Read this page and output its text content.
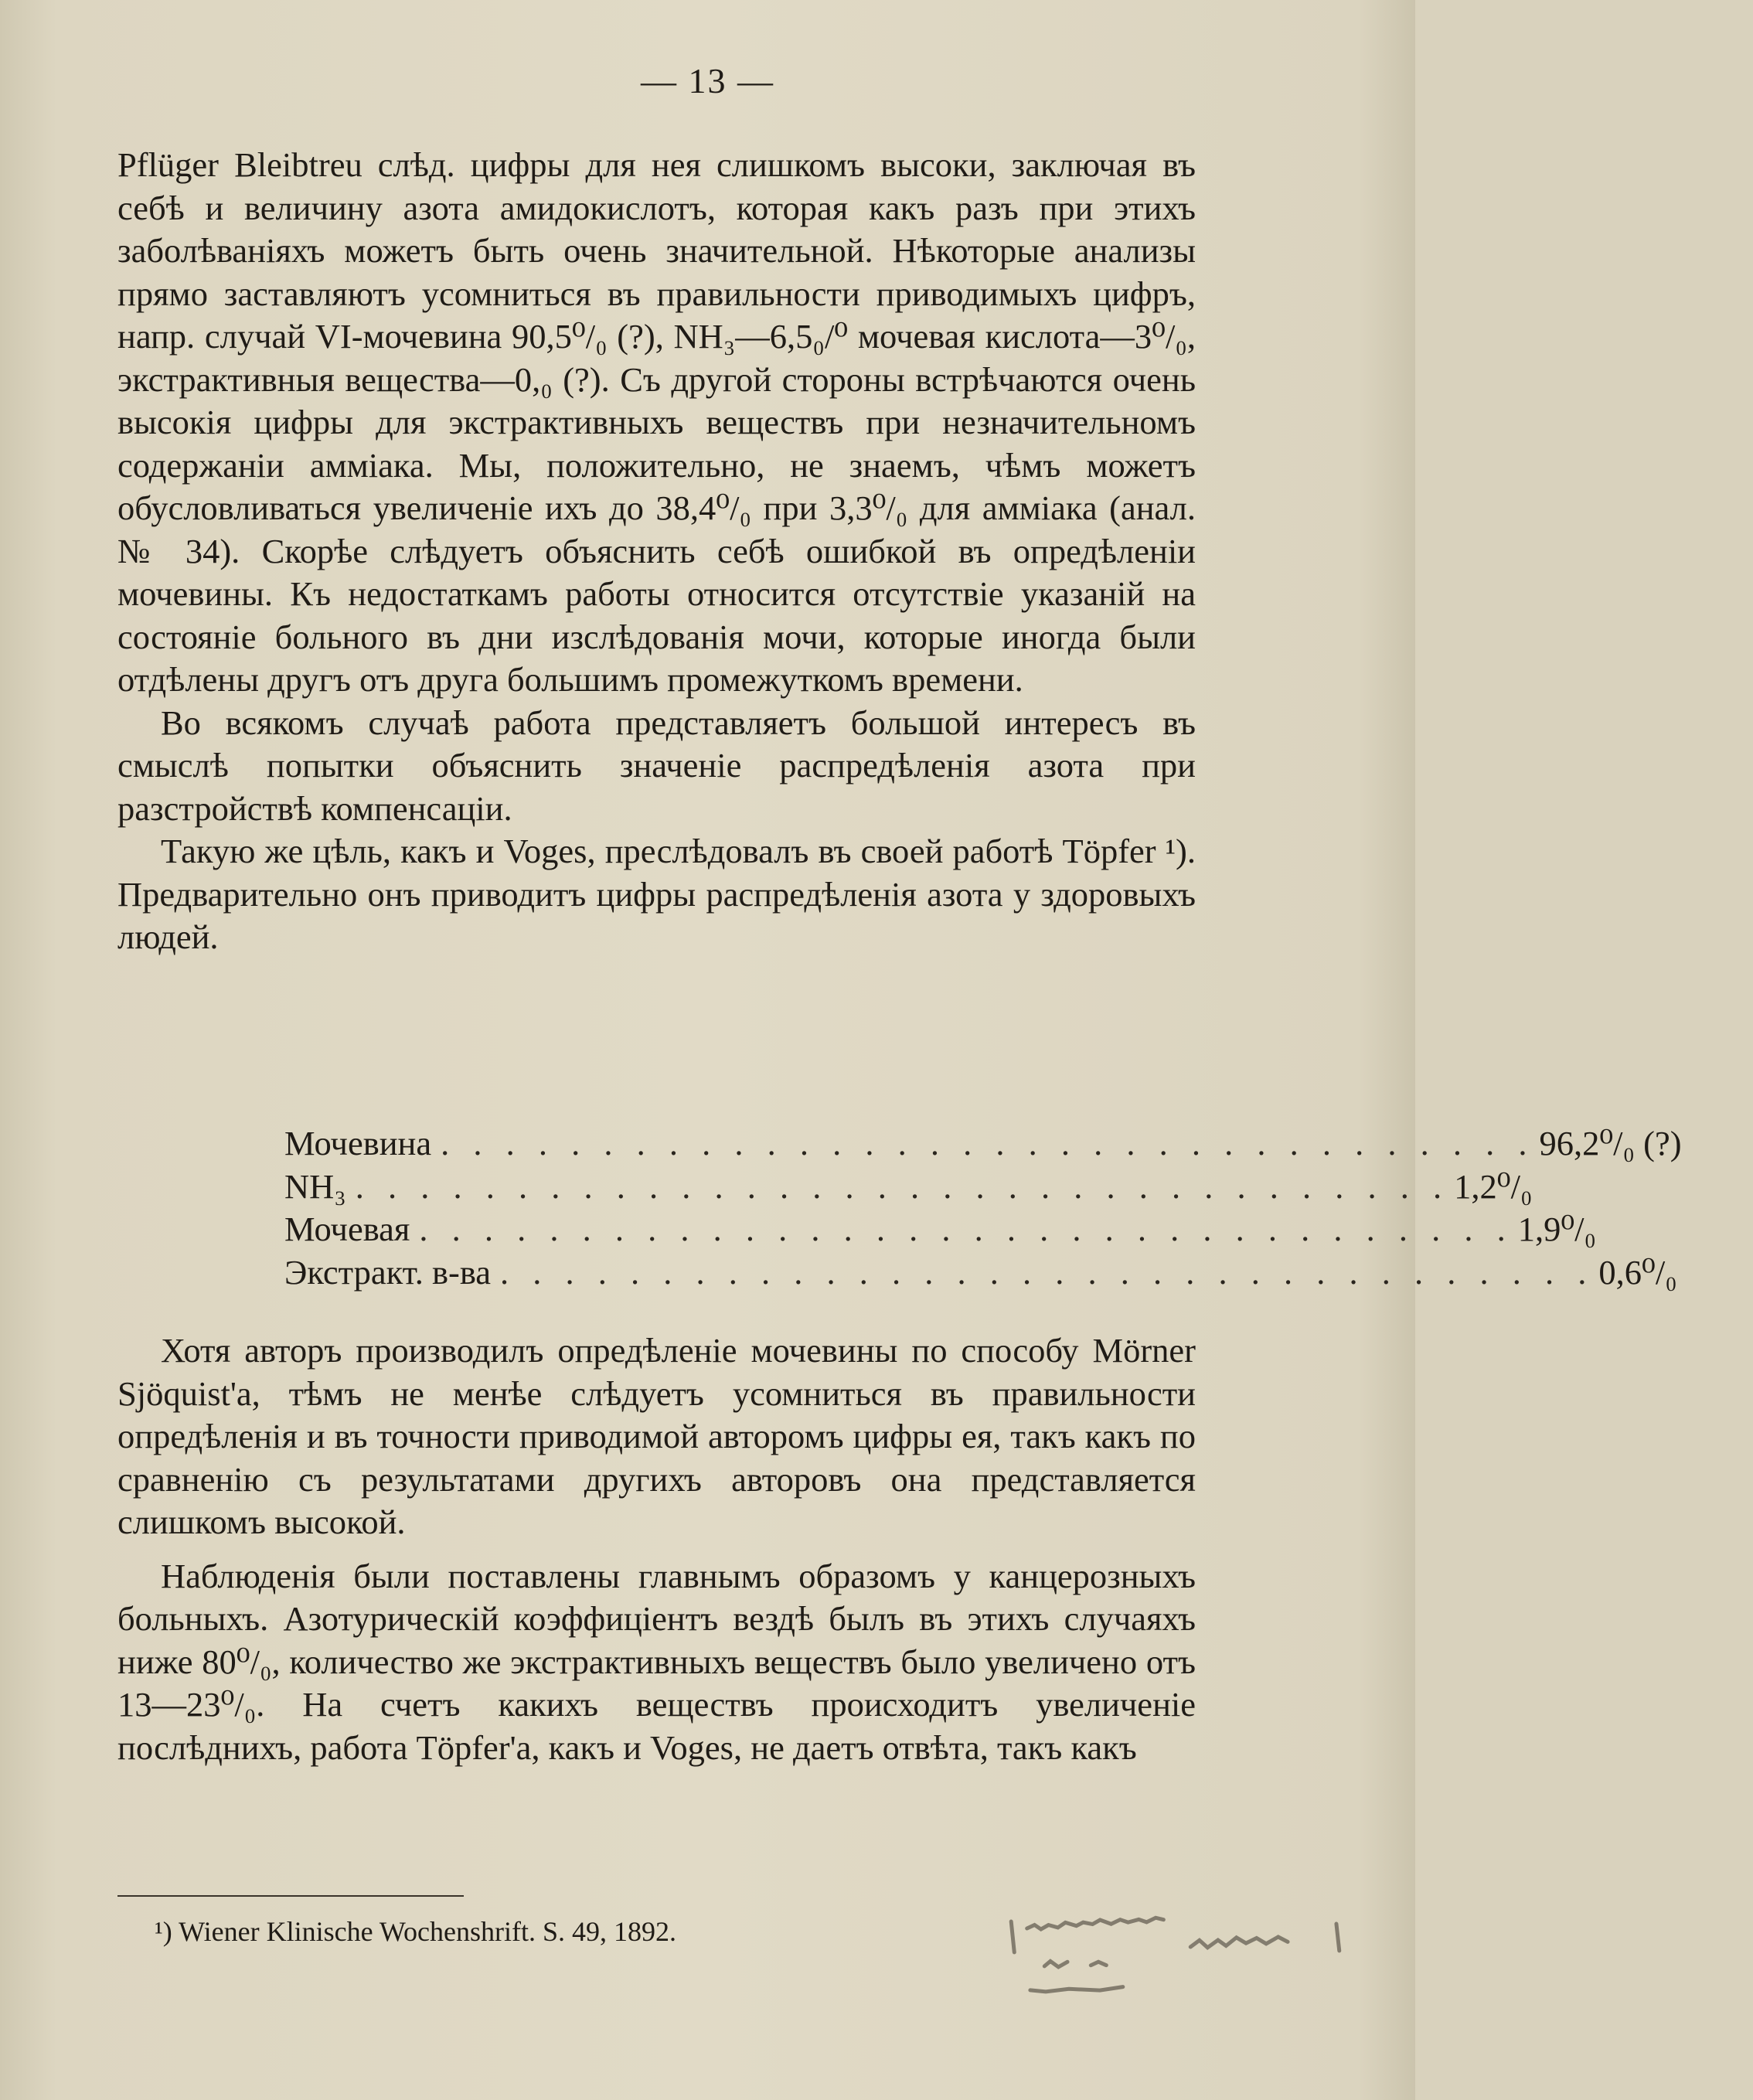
— 13 —

Pflüger Bleibtreu слѣд. цифры для нея слишкомъ высоки, заключая въ себѣ и величину азота амидокислотъ, которая какъ разъ при этихъ заболѣваніяхъ можетъ быть очень значительной. Нѣкоторые анализы прямо заставляютъ усомниться въ правильности приводимыхъ цифръ, напр. случай VI-мочевина 90,5⁰/₀ (?), NH₃—6,5₀/⁰ мочевая кислота—3⁰/₀, экстрактивныя вещества—0,₀ (?). Съ другой стороны встрѣчаются очень высокія цифры для экстрактивныхъ веществъ при незначительномъ содержаніи амміака. Мы, положительно, не знаемъ, чѣмъ можетъ обусловливаться увеличеніе ихъ до 38,4⁰/₀ при 3,3⁰/₀ для амміака (анал. № 34). Скорѣе слѣдуетъ объяснить себѣ ошибкой въ опредѣленіи мочевины. Къ недостаткамъ работы относится отсутствіе указаній на состояніе больного въ дни изслѣдованія мочи, которые иногда были отдѣлены другъ отъ друга большимъ промежуткомъ времени.

Во всякомъ случаѣ работа представляетъ большой интересъ въ смыслѣ попытки объяснить значеніе распредѣленія азота при разстройствѣ компенсаціи.

Такую же цѣль, какъ и Voges, преслѣдовалъ въ своей работѣ Töpfer ¹). Предварительно онъ приводитъ цифры распредѣленія азота у здоровыхъ людей.

Мочевина . . . . . . . . . . . . . . . . . . . . . . . . . . . . . . . . . . 96,2⁰/₀ (?)
NH₃ . . . . . . . . . . . . . . . . . . . . . . . . . . . . . . . . . . 1,2⁰/₀
Мочевая . . . . . . . . . . . . . . . . . . . . . . . . . . . . . . . . . . 1,9⁰/₀
Экстракт. в-ва . . . . . . . . . . . . . . . . . . . . . . . . . . . . . . . . . . 0,6⁰/₀

Хотя авторъ производилъ опредѣленіе мочевины по способу Mörner Sjöquist'а, тѣмъ не менѣе слѣдуетъ усомниться въ правильности опредѣленія и въ точности приводимой авторомъ цифры ея, такъ какъ по сравненію съ результатами другихъ авторовъ она представляется слишкомъ высокой.

Наблюденія были поставлены главнымъ образомъ у канцерозныхъ больныхъ. Азотурическій коэффиціентъ вездѣ былъ въ этихъ случаяхъ ниже 80⁰/₀, количество же экстрактивныхъ веществъ было увеличено отъ 13—23⁰/₀. На счетъ какихъ веществъ происходитъ увеличеніе послѣднихъ, работа Töpfer'а, какъ и Voges, не даетъ отвѣта, такъ какъ

¹) Wiener Klinische Wochenshrift. S. 49, 1892.
